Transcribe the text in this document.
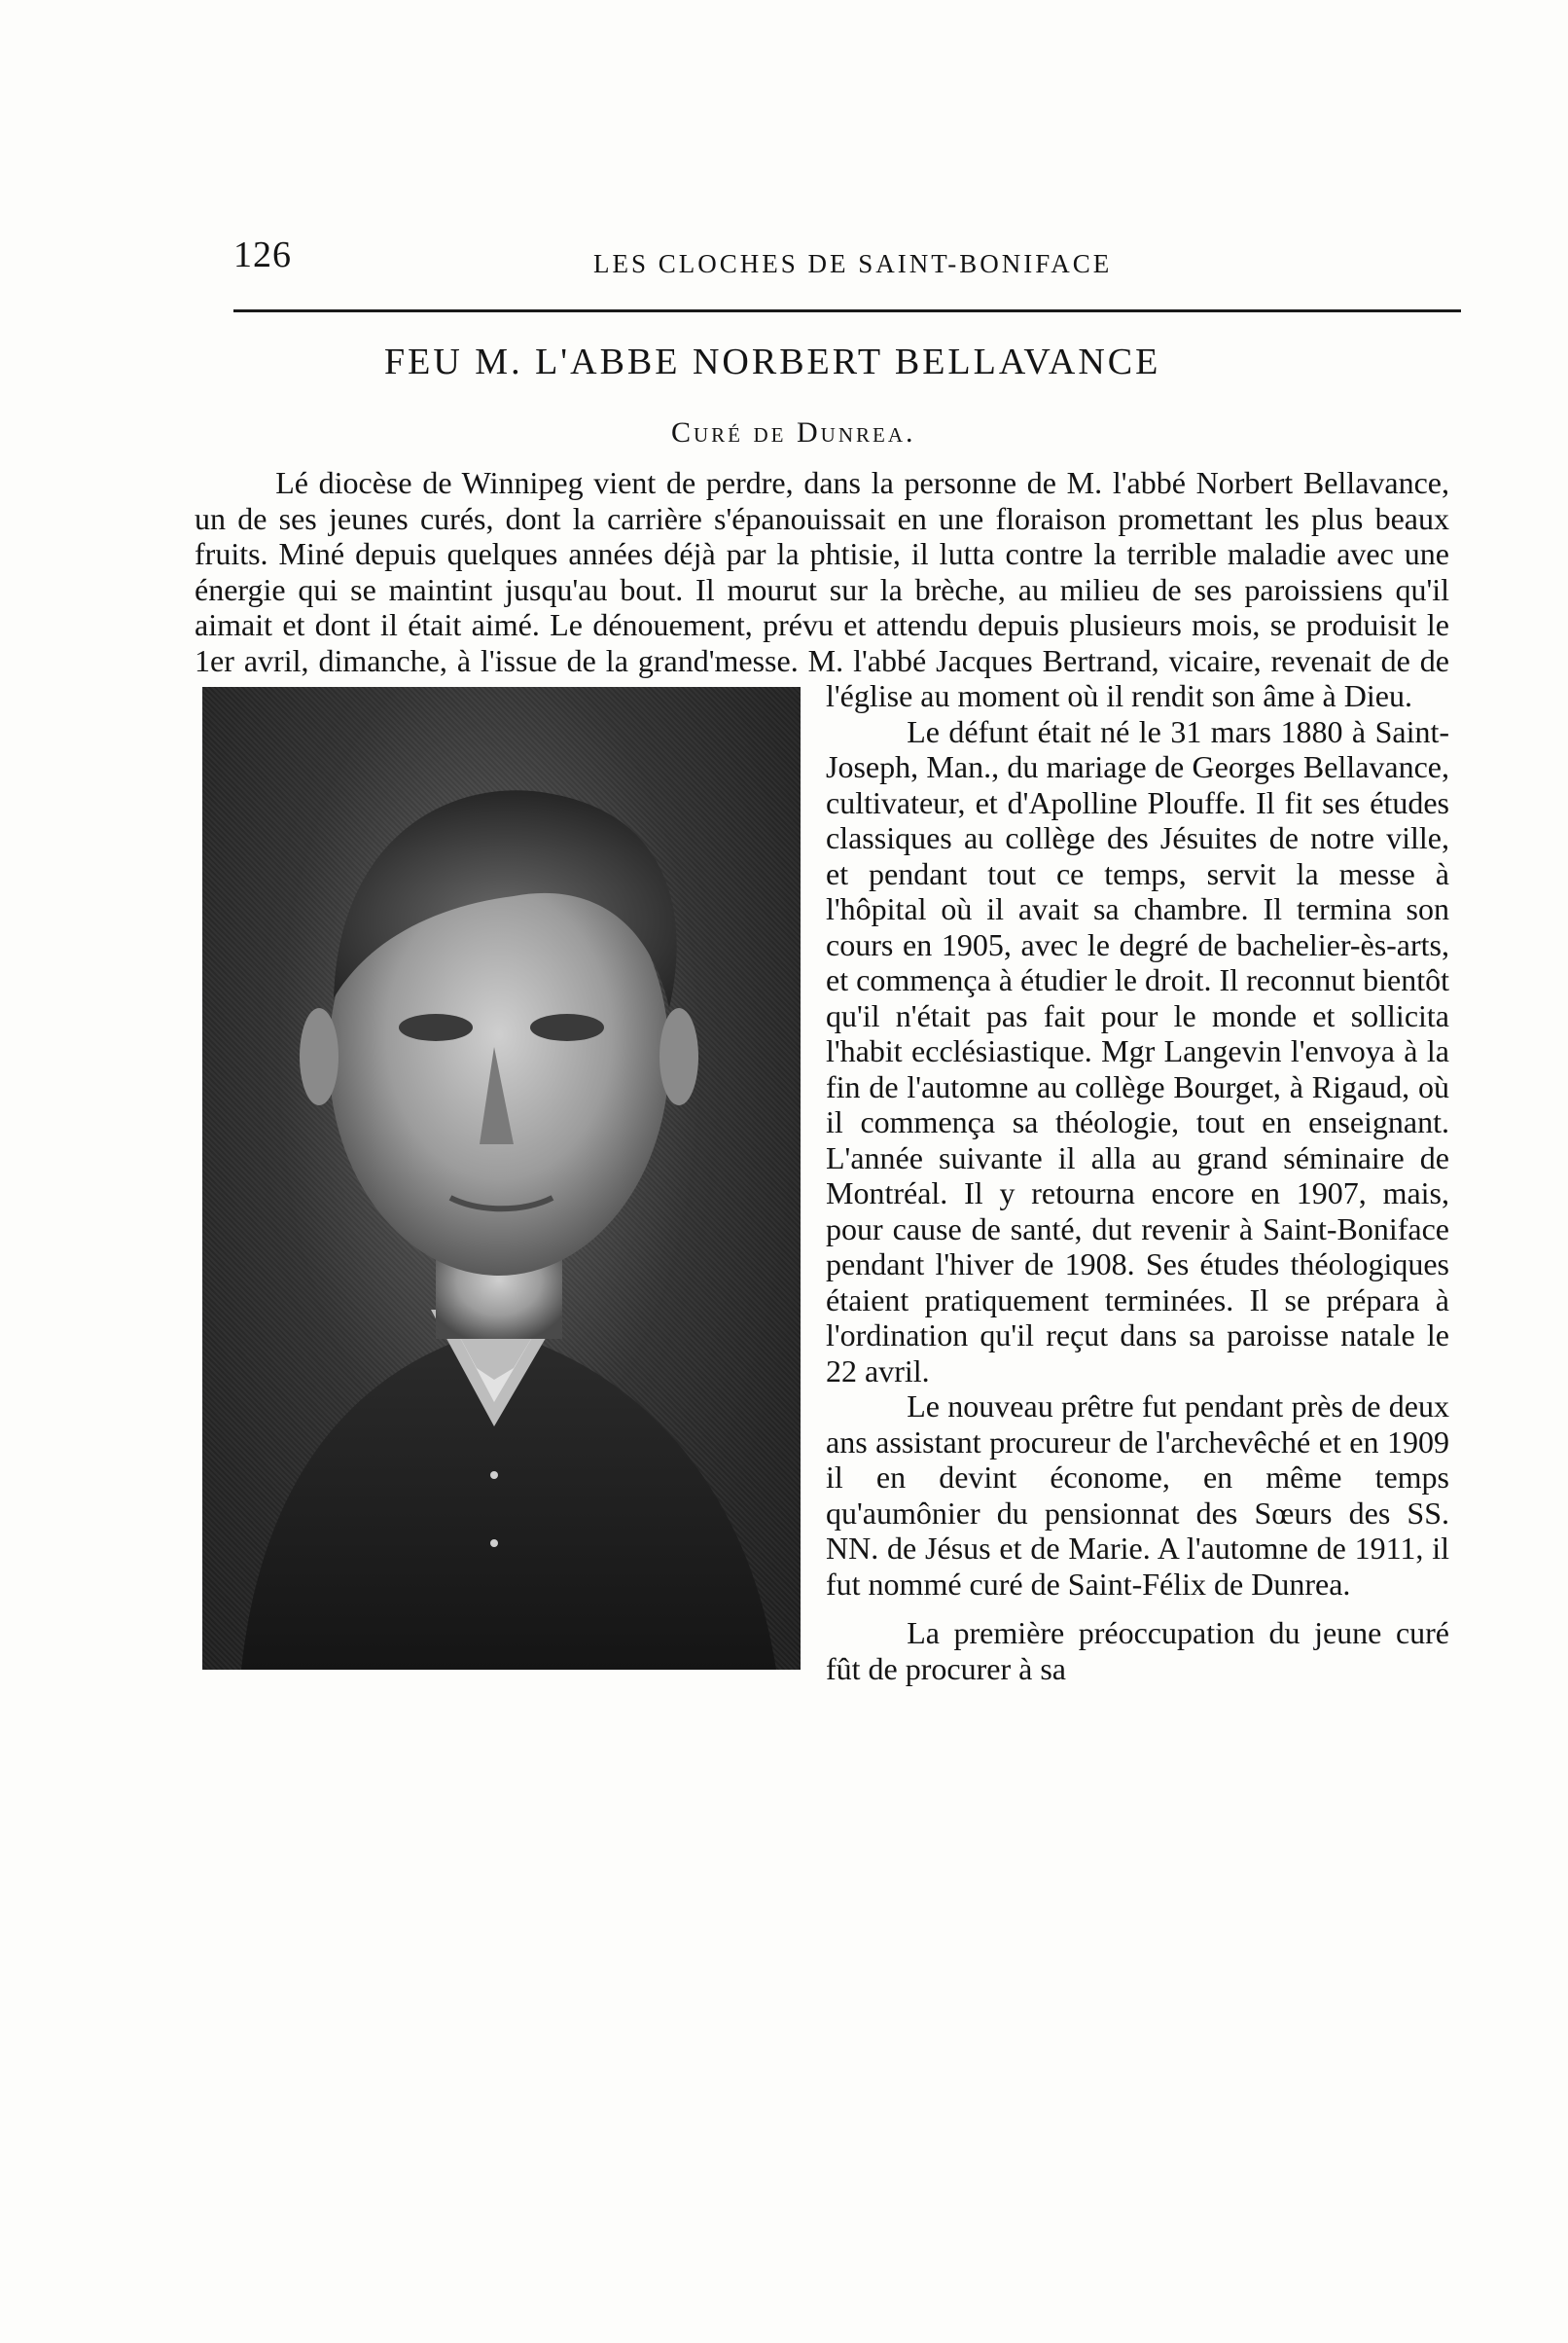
126	LES CLOCHES DE SAINT-BONIFACE
FEU M. L'ABBE NORBERT BELLAVANCE
Curé de Dunrea.

Lé diocèse de Winnipeg vient de perdre, dans la personne de M. l'abbé Norbert Bellavance, un de ses jeunes curés, dont la carrière s'épanouissait en une floraison promettant les plus beaux fruits. Miné depuis quelques années déjà par la phtisie, il lutta contre la terrible maladie avec une énergie qui se maintint jusqu'au bout. Il mourut sur la brèche, au milieu de ses paroissiens qu'il aimait et dont il était aimé. Le dénouement, prévu et attendu depuis plusieurs mois, se produisit le 1er avril, dimanche, à l'issue de la grand'messe. M. l'abbé Jacques Bertrand, vicaire, revenait de de l'église au moment où il rendit son âme à Dieu.

Le défunt était né le 31 mars 1880 à Saint-Joseph, Man., du mariage de Georges Bellavance, cultivateur, et d'Apolline Plouffe. Il fit ses études classiques au collège des Jésuites de notre ville, et pendant tout ce temps, servit la messe à l'hôpital où il avait sa chambre. Il termina son cours en 1905, avec le degré de bachelier-ès-arts, et commença à étudier le droit. Il reconnut bientôt qu'il n'était pas fait pour le monde et sollicita l'habit ecclésiastique. Mgr Langevin l'envoya à la fin de l'automne au collège Bourget, à Rigaud, où il commença sa théologie, tout en enseignant. L'année suivante il alla au grand séminaire de Montréal. Il y retourna encore en 1907, mais, pour cause de santé, dut revenir à Saint-Boniface pendant l'hiver de 1908. Ses études théologiques étaient pratiquement terminées. Il se prépara à l'ordination qu'il reçut dans sa paroisse natale le 22 avril.

Le nouveau prêtre fut pendant près de deux ans assistant procureur de l'archevêché et en 1909 il en devint économe, en même temps qu'aumônier du pensionnat des Sœurs des SS. NN. de Jésus et de Marie. A l'automne de 1911, il fut nommé curé de Saint-Félix de Dunrea.

La première préoccupation du jeune curé fût de procurer à sa
